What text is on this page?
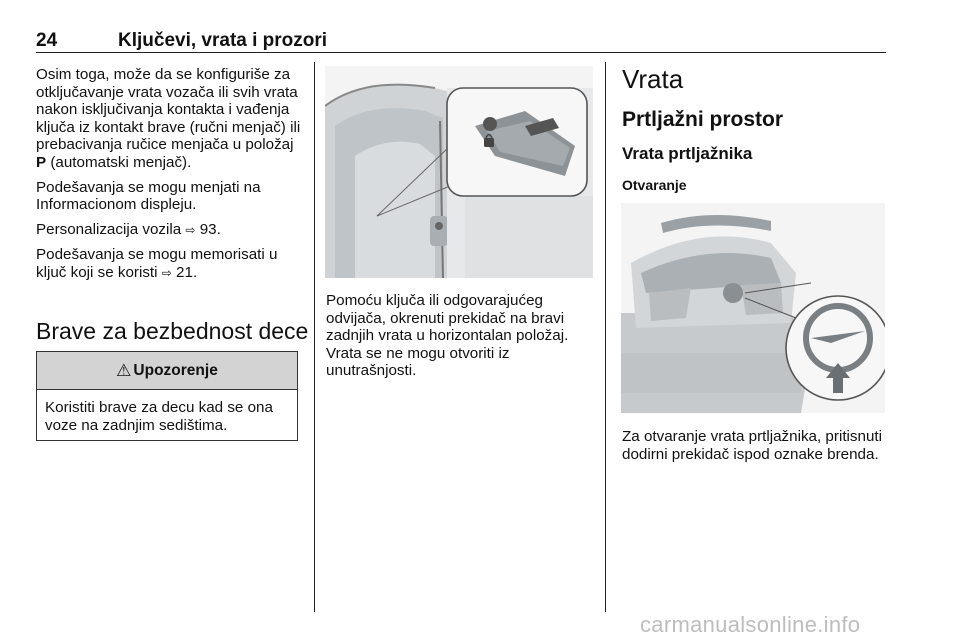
24	Ključevi, vrata i prozori

Osim toga, može da se konfiguriše za otključavanje vrata vozača ili svih vrata nakon isključivanja kontakta i vađenja ključa iz kontakt brave (ručni menjač) ili prebacivanja ručice menjača u položaj P (automatski menjač).

Podešavanja se mogu menjati na Informacionom displeju.

Personalizacija vozila ⇨ 93.

Podešavanja se mogu memorisati u ključ koji se koristi ⇨ 21.

Brave za bezbednost dece
⚠ Upozorenje
Koristiti brave za decu kad se ona voze na zadnjim sedištima.

Pomoću ključa ili odgovarajućeg odvijača, okrenuti prekidač na bravi zadnjih vrata u horizontalan položaj. Vrata se ne mogu otvoriti iz unutrašnjosti.

Vrata
Prtljažni prostor
Vrata prtljažnika
Otvaranje

Za otvaranje vrata prtljažnika, pritisnuti dodirni prekidač ispod oznake brenda.

carmanualsonline.info
